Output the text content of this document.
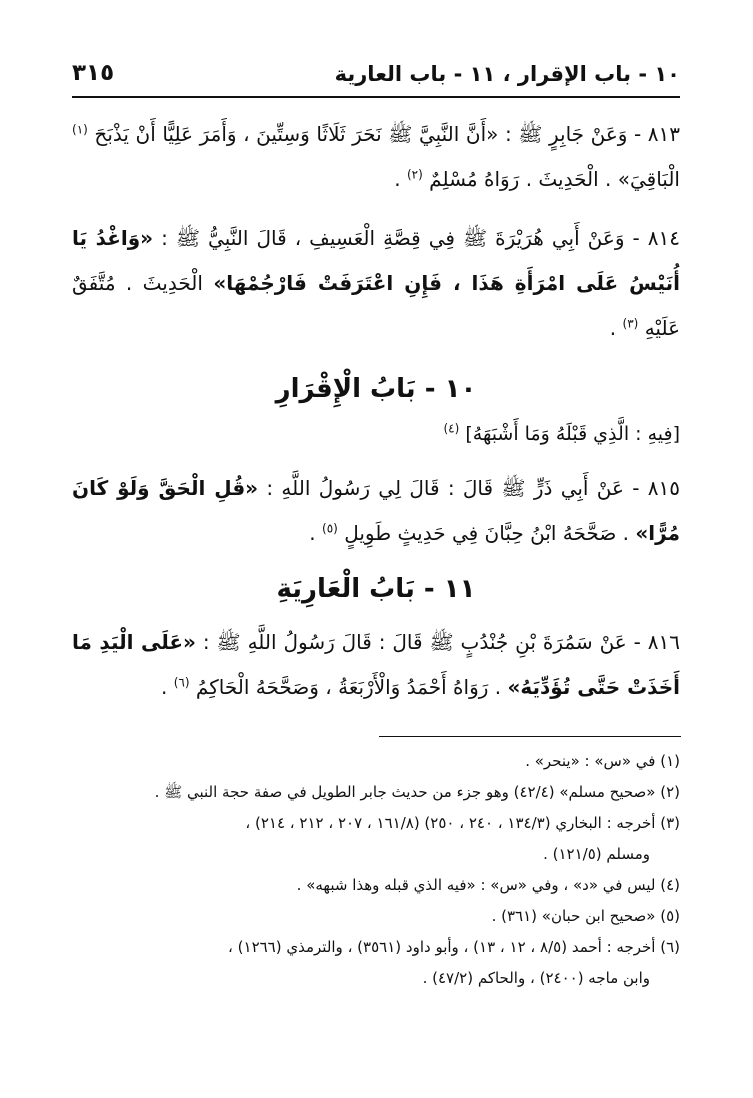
١٠ - باب الإقرار ، ١١ - باب العارية
٣١٥

٨١٣ - وَعَنْ جَابِرٍ ﷺ : «أَنَّ النَّبِيَّ ﷺ نَحَرَ ثَلَاثًا وَسِتِّينَ ، وَأَمَرَ عَلِيًّا أَنْ يَذْبَحَ $^{(١)}$ الْبَاقِيَ» . الْحَدِيثَ . رَوَاهُ مُسْلِمٌ $^{(٢)}$ .

٨١٤ - وَعَنْ أَبِي هُرَيْرَةَ ﷺ فِي قِصَّةِ الْعَسِيفِ ، قَالَ النَّبِيُّ ﷺ : «وَاغْدُ يَا أُنَيْسُ عَلَى امْرَأَةِ هَذَا ، فَإِنِ اعْتَرَفَتْ فَارْجُمْهَا» الْحَدِيثَ . مُتَّفَقٌ عَلَيْهِ $^{(٣)}$ .

١٠ - بَابُ الْإِقْرَارِ

[فِيهِ : الَّذِي قَبْلَهُ وَمَا أَشْبَهَهُ] $^{(٤)}$

٨١٥ - عَنْ أَبِي ذَرٍّ ﷺ قَالَ : قَالَ لِي رَسُولُ اللَّهِ : «قُلِ الْحَقَّ وَلَوْ كَانَ مُرًّا» . صَحَّحَهُ ابْنُ حِبَّانَ فِي حَدِيثٍ طَوِيلٍ $^{(٥)}$ .

١١ - بَابُ الْعَارِيَةِ

٨١٦ - عَنْ سَمُرَةَ بْنِ جُنْدُبٍ ﷺ قَالَ : قَالَ رَسُولُ اللَّهِ ﷺ : «عَلَى الْيَدِ مَا أَخَذَتْ حَتَّى تُؤَدِّيَهُ» . رَوَاهُ أَحْمَدُ وَالْأَرْبَعَةُ ، وَصَحَّحَهُ الْحَاكِمُ $^{(٦)}$ .

(١) في «س» : «ينحر» .

(٢) «صحيح مسلم» (٤٢/٤) وهو جزء من حديث جابر الطويل في صفة حجة النبي ﷺ .

(٣) أخرجه : البخاري (١٣٤/٣ ، ٢٤٠ ، ٢٥٠) (١٦١/٨ ، ٢٠٧ ، ٢١٢ ، ٢١٤) ،

ومسلم (١٢١/٥) .

(٤) ليس في «د» ، وفي «س» : «فيه الذي قبله وهذا شبهه» .

(٥) «صحيح ابن حبان» (٣٦١) .

(٦) أخرجه : أحمد (٨/٥ ، ١٢ ، ١٣) ، وأبو داود (٣٥٦١) ، والترمذي (١٢٦٦) ،

وابن ماجه (٢٤٠٠) ، والحاكم (٤٧/٢) .
